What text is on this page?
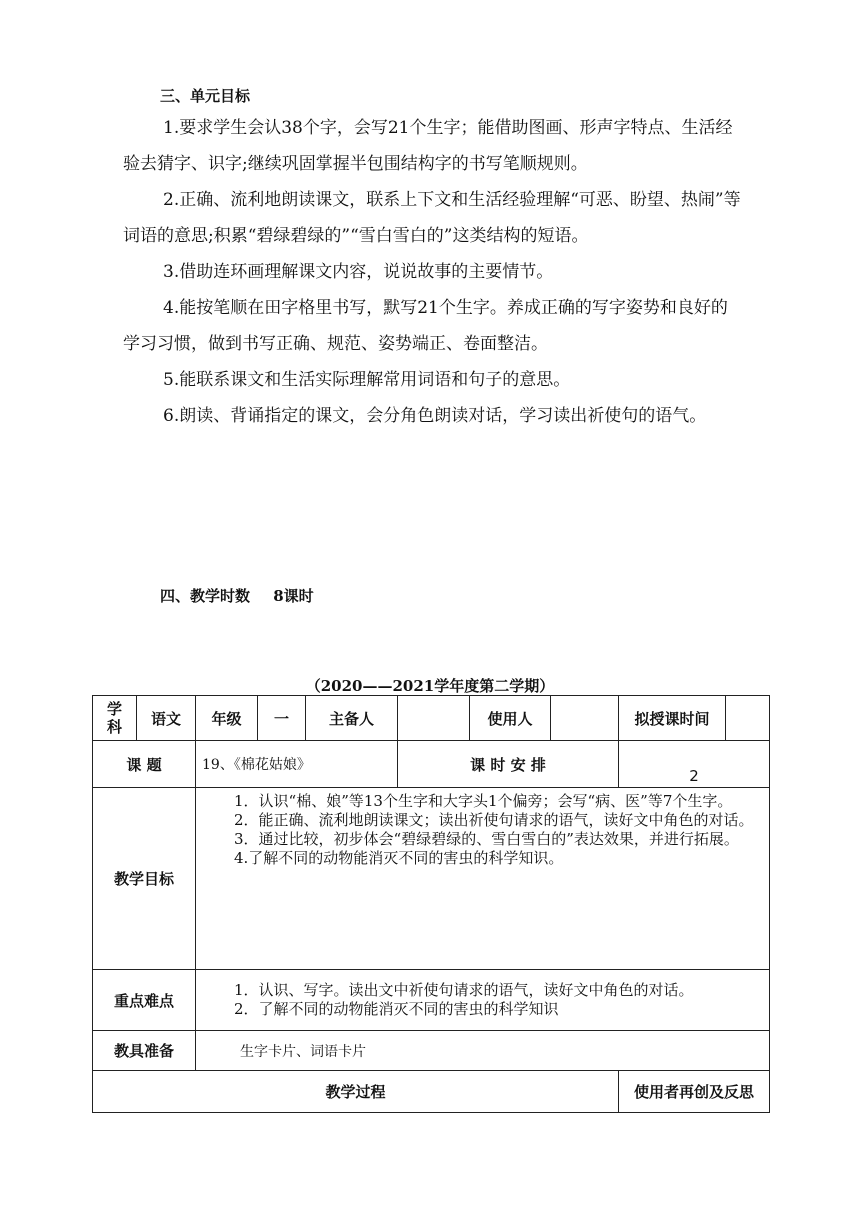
三、单元目标

1.要求学生会认38个字，会写21个生字；能借助图画、形声字特点、生活经验去猜字、识字;继续巩固掌握半包围结构字的书写笔顺规则。

2.正确、流利地朗读课文，联系上下文和生活经验理解“可恶、盼望、热闹”等词语的意思;积累“碧绿碧绿的”“雪白雪白的”这类结构的短语。

3.借助连环画理解课文内容，说说故事的主要情节。

4.能按笔顺在田字格里书写，默写21个生字。养成正确的写字姿势和良好的学习习惯，做到书写正确、规范、姿势端正、卷面整洁。

5.能联系课文和生活实际理解常用词语和句子的意思。

6.朗读、背诵指定的课文，会分角色朗读对话，学习读出祈使句的语气。

四、教学时数 8课时
（2020——2021学年度第二学期）
学科	语文	年级	一	主备人		使用人		拟授课时间	
课 题		19、《棉花姑娘》			课 时 安 排			2	
教学目标		1．认识“棉、娘”等13个生字和大字头1个偏旁；会写“病、医”等7个生字。

2．能正确、流利地朗读课文；读出祈使句请求的语气，读好文中角色的对话。

3．通过比较，初步体会“碧绿碧绿的、雪白雪白的”表达效果，并进行拓展。

4.了解不同的动物能消灭不同的害虫的科学知识。							

重点难点		1．认识、写字。读出文中祈使句请求的语气，读好文中角色的对话。

2．了解不同的动物能消灭不同的害虫的科学知识							

教具准备		生字卡片、词语卡片							
教学过程								使用者再创及反思	
